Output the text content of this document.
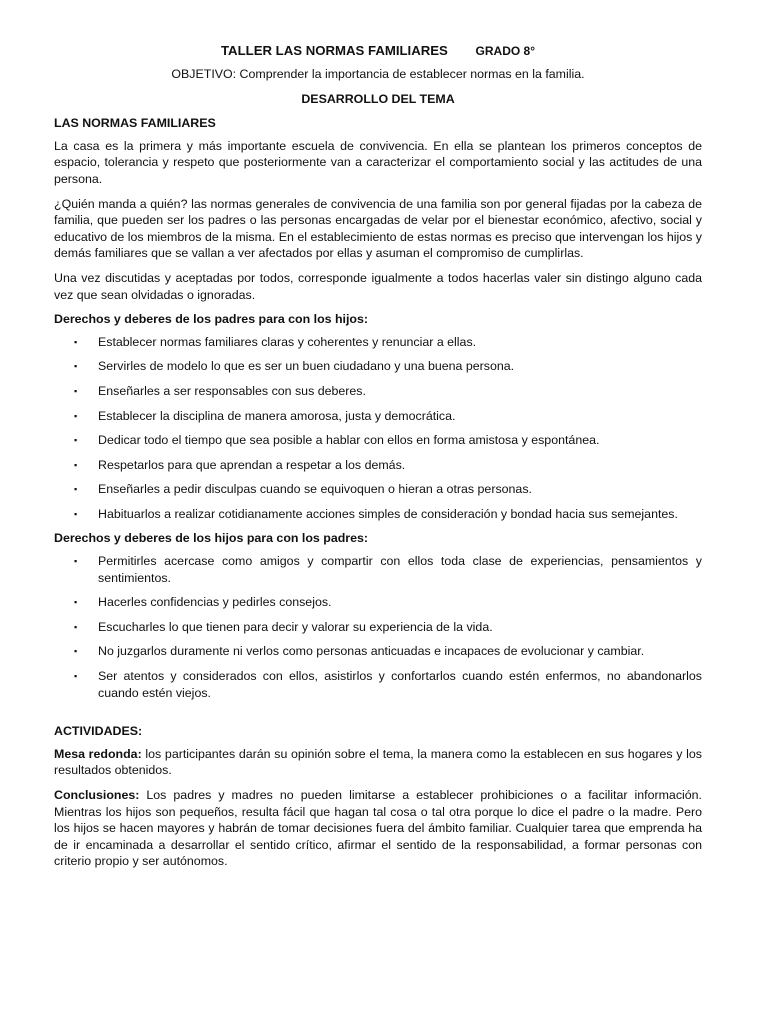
TALLER LAS NORMAS FAMILIARES GRADO 8°
OBJETIVO: Comprender la importancia de establecer normas en la familia.
DESARROLLO DEL TEMA
LAS NORMAS FAMILIARES

La casa es la primera y más importante escuela de convivencia. En ella se plantean los primeros conceptos de espacio, tolerancia y respeto que posteriormente van a caracterizar el comportamiento social y las actitudes de una persona.

¿Quién manda a quién? las normas generales de convivencia de una familia son por general fijadas por la cabeza de familia, que pueden ser los padres o las personas encargadas de velar por el bienestar económico, afectivo, social y educativo de los miembros de la misma. En el establecimiento de estas normas es preciso que intervengan los hijos y demás familiares que se vallan a ver afectados por ellas y asuman el compromiso de cumplirlas.

Una vez discutidas y aceptadas por todos, corresponde igualmente a todos hacerlas valer sin distingo alguno cada vez que sean olvidadas o ignoradas.

Derechos y deberes de los padres para con los hijos:
▪ Establecer normas familiares claras y coherentes y renunciar a ellas.
▪ Servirles de modelo lo que es ser un buen ciudadano y una buena persona.
▪ Enseñarles a ser responsables con sus deberes.
▪ Establecer la disciplina de manera amorosa, justa y democrática.
▪ Dedicar todo el tiempo que sea posible a hablar con ellos en forma amistosa y espontánea.
▪ Respetarlos para que aprendan a respetar a los demás.
▪ Enseñarles a pedir disculpas cuando se equivoquen o hieran a otras personas.
▪ Habituarlos a realizar cotidianamente acciones simples de consideración y bondad hacia sus semejantes.
Derechos y deberes de los hijos para con los padres:
▪ Permitirles acercase como amigos y compartir con ellos toda clase de experiencias, pensamientos y sentimientos.
▪ Hacerles confidencias y pedirles consejos.
▪ Escucharles lo que tienen para decir y valorar su experiencia de la vida.
▪ No juzgarlos duramente ni verlos como personas anticuadas e incapaces de evolucionar y cambiar.
▪ Ser atentos y considerados con ellos, asistirlos y confortarlos cuando estén enfermos, no abandonarlos cuando estén viejos.
ACTIVIDADES:

Mesa redonda: los participantes darán su opinión sobre el tema, la manera como la establecen en sus hogares y los resultados obtenidos.

Conclusiones: Los padres y madres no pueden limitarse a establecer prohibiciones o a facilitar información. Mientras los hijos son pequeños, resulta fácil que hagan tal cosa o tal otra porque lo dice el padre o la madre. Pero los hijos se hacen mayores y habrán de tomar decisiones fuera del ámbito familiar. Cualquier tarea que emprenda ha de ir encaminada a desarrollar el sentido crítico, afirmar el sentido de la responsabilidad, a formar personas con criterio propio y ser autónomos.
